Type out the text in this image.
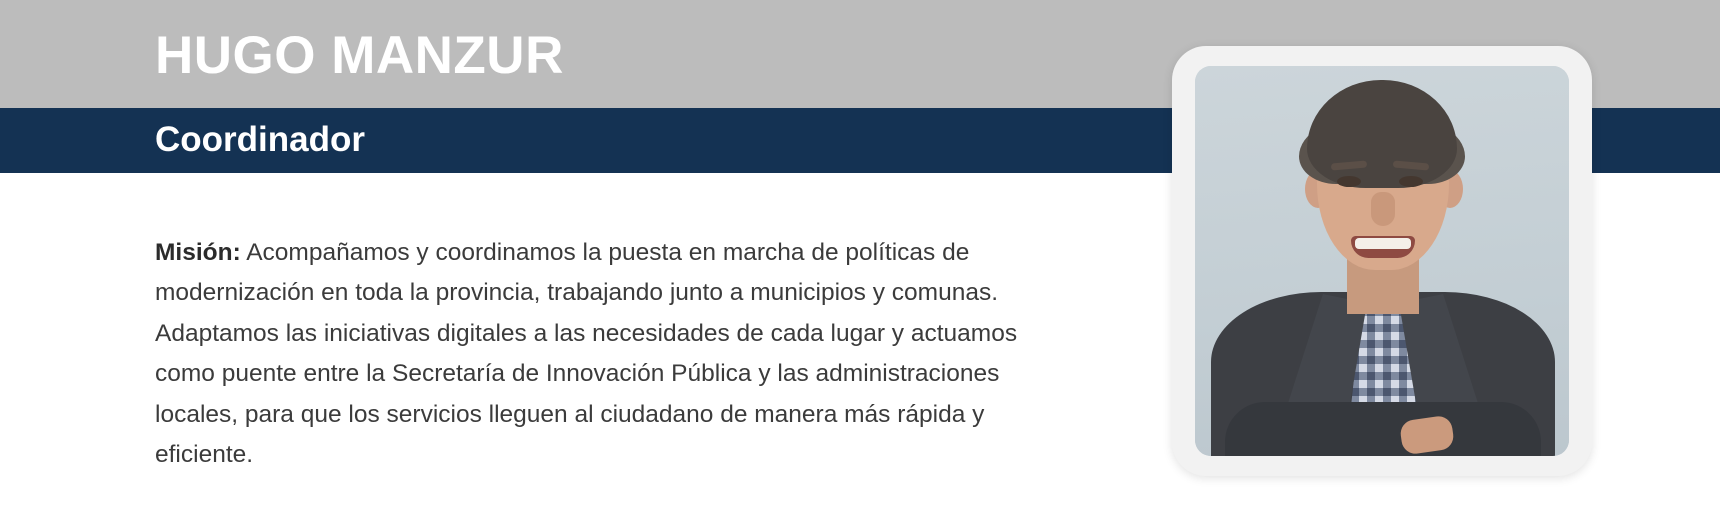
HUGO MANZUR
Coordinador

Misión: Acompañamos y coordinamos la puesta en marcha de políticas de modernización en toda la provincia, trabajando junto a municipios y comunas. Adaptamos las iniciativas digitales a las necesidades de cada lugar y actuamos como puente entre la Secretaría de Innovación Pública y las administraciones locales, para que los servicios lleguen al ciudadano de manera más rápida y eficiente.
